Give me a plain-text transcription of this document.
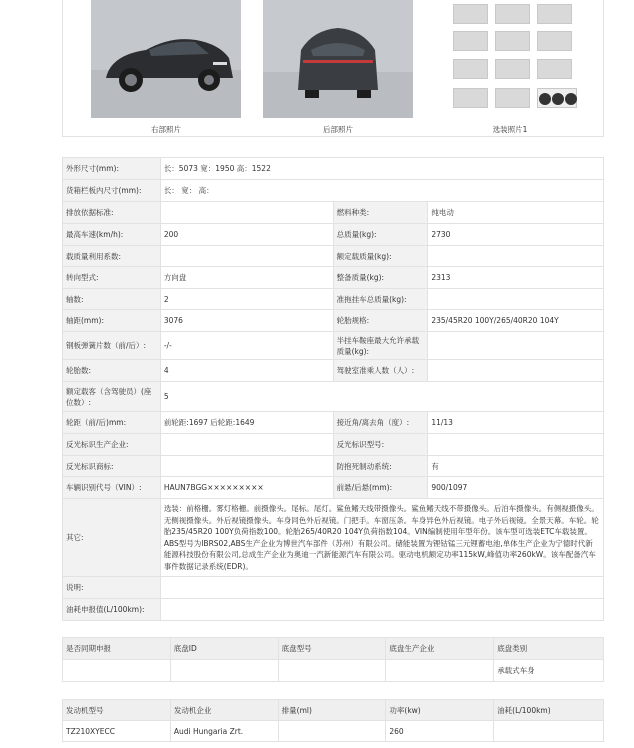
右部照片	后部照片	选装照片1
外形尺寸(mm):	长：5073 宽：1950 高：1522		
货箱栏板内尺寸(mm):	长： 宽： 高：		
排放依据标准:		燃料种类:	纯电动
最高车速(km/h):	200	总质量(kg):	2730
载质量利用系数:		额定载质量(kg):	
转向型式:	方向盘	整备质量(kg):	2313
轴数:	2	准拖挂车总质量(kg):	
轴距(mm):	3076	轮胎规格:	235/45R20 100Y/265/40R20 104Y
钢板弹簧片数（前/后）:	-/-	半挂车鞍座最大允许承载质量(kg):	
轮胎数:	4	驾驶室准乘人数（人）:	
额定载客（含驾驶员）(座位数）:	5		
轮距（前/后)mm:	前轮距:1697 后轮距:1649	接近角/离去角（度）:	11/13
反光标识生产企业:		反光标识型号:	
反光标识商标:		防抱死制动系统:	有
车辆识别代号（VIN）:	HAUN7BGG×××××××××	前悬/后悬(mm):	900/1097
其它:	选装：前格栅。雾灯格栅。前摄像头。尾标。尾灯。鲨鱼鳍天线带摄像头。鲨鱼鳍天线不带摄像头。后泊车摄像头。有侧视摄像头。无侧视摄像头。外后视镜摄像头。车身同色外后视镜。门把手。车窗压条。车身异色外后视镜。电子外后视镜。全景天幕。车轮。轮胎235/45R20 100Y负荷指数100。轮胎265/40R20 104Y负荷指数104。VIN编制使用年型年份。该车型可选装ETC车载装置。ABS型号为IBRS02,ABS生产企业为博世汽车部件（苏州）有限公司。储能装置为锂钴锰三元锂蓄电池,单体生产企业为宁德时代新能源科技股份有限公司,总成生产企业为奥迪一汽新能源汽车有限公司。驱动电机额定功率115kW,峰值功率260kW。该车配备汽车事件数据记录系统(EDR)。		
说明:			
油耗申报值(L/100km):			
是否同期申报	底盘ID	底盘型号	底盘生产企业	底盘类别
				承载式车身
发动机型号	发动机企业	排量(ml)	功率(kw)	油耗(L/100km)
TZ210XYECC	Audi Hungaria Zrt.		260	
